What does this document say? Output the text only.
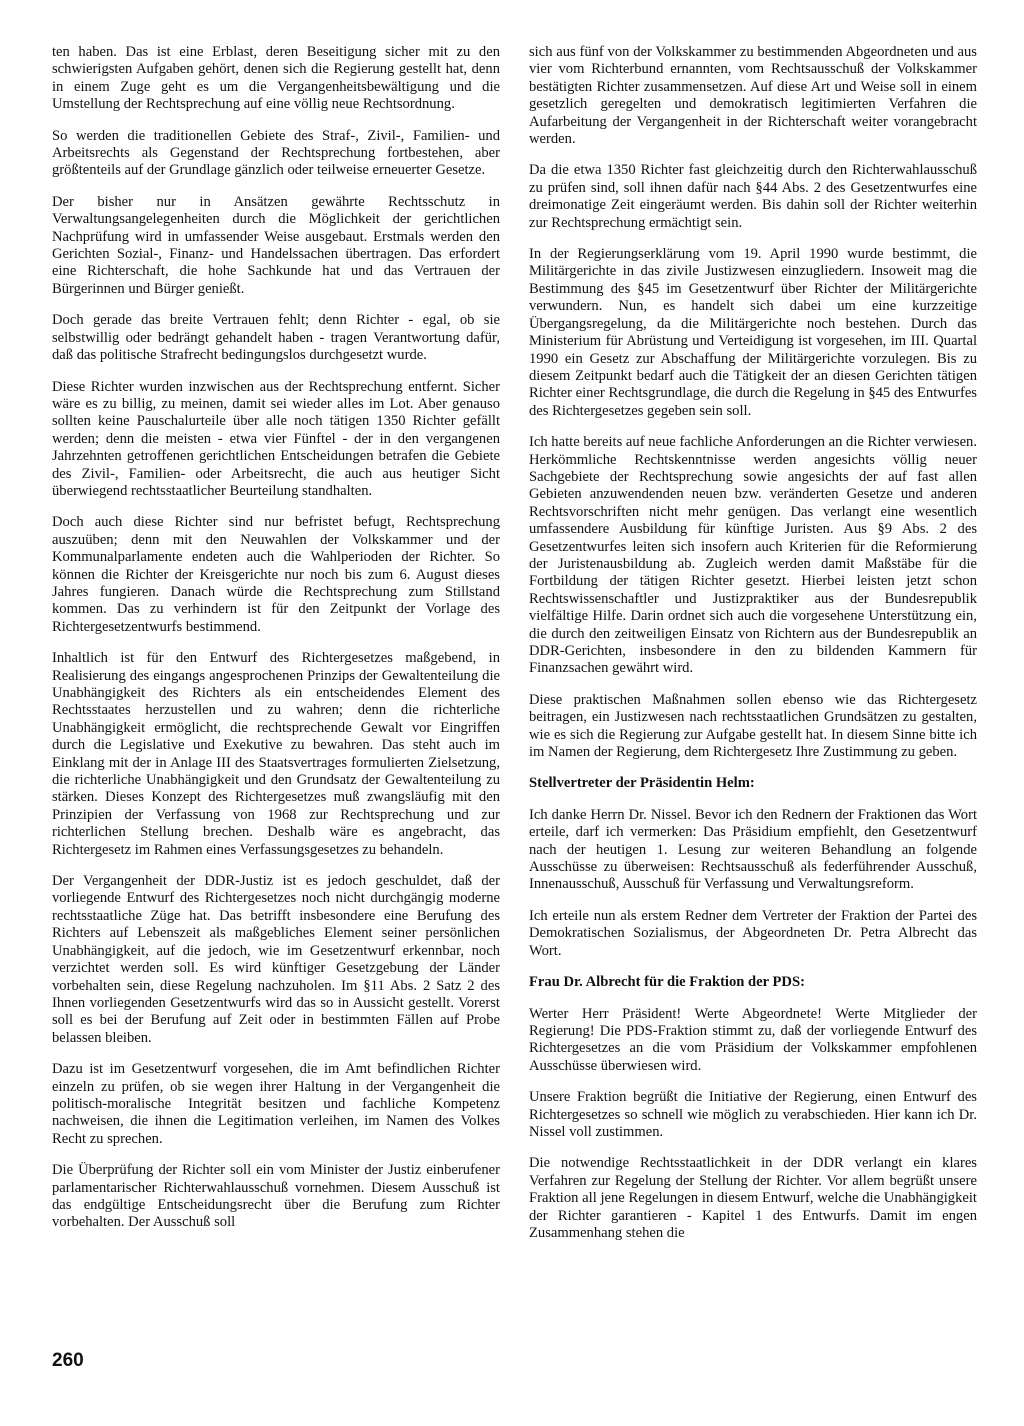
ten haben. Das ist eine Erblast, deren Beseitigung sicher mit zu den schwierigsten Aufgaben gehört, denen sich die Regierung gestellt hat, denn in einem Zuge geht es um die Vergangenheitsbewältigung und die Umstellung der Rechtsprechung auf eine völlig neue Rechtsordnung.

So werden die traditionellen Gebiete des Straf-, Zivil-, Familien- und Arbeitsrechts als Gegenstand der Rechtsprechung fortbestehen, aber größtenteils auf der Grundlage gänzlich oder teilweise erneuerter Gesetze.

Der bisher nur in Ansätzen gewährte Rechtsschutz in Verwaltungsangelegenheiten durch die Möglichkeit der gerichtlichen Nachprüfung wird in umfassender Weise ausgebaut. Erstmals werden den Gerichten Sozial-, Finanz- und Handelssachen übertragen. Das erfordert eine Richterschaft, die hohe Sachkunde hat und das Vertrauen der Bürgerinnen und Bürger genießt.

Doch gerade das breite Vertrauen fehlt; denn Richter - egal, ob sie selbstwillig oder bedrängt gehandelt haben - tragen Verantwortung dafür, daß das politische Strafrecht bedingungslos durchgesetzt wurde.

Diese Richter wurden inzwischen aus der Rechtsprechung entfernt. Sicher wäre es zu billig, zu meinen, damit sei wieder alles im Lot. Aber genauso sollten keine Pauschalurteile über alle noch tätigen 1350 Richter gefällt werden; denn die meisten - etwa vier Fünftel - der in den vergangenen Jahrzehnten getroffenen gerichtlichen Entscheidungen betrafen die Gebiete des Zivil-, Familien- oder Arbeitsrecht, die auch aus heutiger Sicht überwiegend rechtsstaatlicher Beurteilung standhalten.

Doch auch diese Richter sind nur befristet befugt, Rechtsprechung auszuüben; denn mit den Neuwahlen der Volkskammer und der Kommunalparlamente endeten auch die Wahlperioden der Richter. So können die Richter der Kreisgerichte nur noch bis zum 6. August dieses Jahres fungieren. Danach würde die Rechtsprechung zum Stillstand kommen. Das zu verhindern ist für den Zeitpunkt der Vorlage des Richtergesetzentwurfs bestimmend.

Inhaltlich ist für den Entwurf des Richtergesetzes maßgebend, in Realisierung des eingangs angesprochenen Prinzips der Gewaltenteilung die Unabhängigkeit des Richters als ein entscheidendes Element des Rechtsstaates herzustellen und zu wahren; denn die richterliche Unabhängigkeit ermöglicht, die rechtsprechende Gewalt vor Eingriffen durch die Legislative und Exekutive zu bewahren. Das steht auch im Einklang mit der in Anlage III des Staatsvertrages formulierten Zielsetzung, die richterliche Unabhängigkeit und den Grundsatz der Gewaltenteilung zu stärken. Dieses Konzept des Richtergesetzes muß zwangsläufig mit den Prinzipien der Verfassung von 1968 zur Rechtsprechung und zur richterlichen Stellung brechen. Deshalb wäre es angebracht, das Richtergesetz im Rahmen eines Verfassungsgesetzes zu behandeln.

Der Vergangenheit der DDR-Justiz ist es jedoch geschuldet, daß der vorliegende Entwurf des Richtergesetzes noch nicht durchgängig moderne rechtsstaatliche Züge hat. Das betrifft insbesondere eine Berufung des Richters auf Lebenszeit als maßgebliches Element seiner persönlichen Unabhängigkeit, auf die jedoch, wie im Gesetzentwurf erkennbar, noch verzichtet werden soll. Es wird künftiger Gesetzgebung der Länder vorbehalten sein, diese Regelung nachzuholen. Im §11 Abs. 2 Satz 2 des Ihnen vorliegenden Gesetzentwurfs wird das so in Aussicht gestellt. Vorerst soll es bei der Berufung auf Zeit oder in bestimmten Fällen auf Probe belassen bleiben.

Dazu ist im Gesetzentwurf vorgesehen, die im Amt befindlichen Richter einzeln zu prüfen, ob sie wegen ihrer Haltung in der Vergangenheit die politisch-moralische Integrität besitzen und fachliche Kompetenz nachweisen, die ihnen die Legitimation verleihen, im Namen des Volkes Recht zu sprechen.

Die Überprüfung der Richter soll ein vom Minister der Justiz einberufener parlamentarischer Richterwahlausschuß vornehmen. Diesem Ausschuß ist das endgültige Entscheidungsrecht über die Berufung zum Richter vorbehalten. Der Ausschuß soll

sich aus fünf von der Volkskammer zu bestimmenden Abgeordneten und aus vier vom Richterbund ernannten, vom Rechtsausschuß der Volkskammer bestätigten Richter zusammensetzen. Auf diese Art und Weise soll in einem gesetzlich geregelten und demokratisch legitimierten Verfahren die Aufarbeitung der Vergangenheit in der Richterschaft weiter vorangebracht werden.

Da die etwa 1350 Richter fast gleichzeitig durch den Richterwahlausschuß zu prüfen sind, soll ihnen dafür nach §44 Abs. 2 des Gesetzentwurfes eine dreimonatige Zeit eingeräumt werden. Bis dahin soll der Richter weiterhin zur Rechtsprechung ermächtigt sein.

In der Regierungserklärung vom 19. April 1990 wurde bestimmt, die Militärgerichte in das zivile Justizwesen einzugliedern. Insoweit mag die Bestimmung des §45 im Gesetzentwurf über Richter der Militärgerichte verwundern. Nun, es handelt sich dabei um eine kurzzeitige Übergangsregelung, da die Militärgerichte noch bestehen. Durch das Ministerium für Abrüstung und Verteidigung ist vorgesehen, im III. Quartal 1990 ein Gesetz zur Abschaffung der Militärgerichte vorzulegen. Bis zu diesem Zeitpunkt bedarf auch die Tätigkeit der an diesen Gerichten tätigen Richter einer Rechtsgrundlage, die durch die Regelung in §45 des Entwurfes des Richtergesetzes gegeben sein soll.

Ich hatte bereits auf neue fachliche Anforderungen an die Richter verwiesen. Herkömmliche Rechtskenntnisse werden angesichts völlig neuer Sachgebiete der Rechtsprechung sowie angesichts der auf fast allen Gebieten anzuwendenden neuen bzw. veränderten Gesetze und anderen Rechtsvorschriften nicht mehr genügen. Das verlangt eine wesentlich umfassendere Ausbildung für künftige Juristen. Aus §9 Abs. 2 des Gesetzentwurfes leiten sich insofern auch Kriterien für die Reformierung der Juristenausbildung ab. Zugleich werden damit Maßstäbe für die Fortbildung der tätigen Richter gesetzt. Hierbei leisten jetzt schon Rechtswissenschaftler und Justizpraktiker aus der Bundesrepublik vielfältige Hilfe. Darin ordnet sich auch die vorgesehene Unterstützung ein, die durch den zeitweiligen Einsatz von Richtern aus der Bundesrepublik an DDR-Gerichten, insbesondere in den zu bildenden Kammern für Finanzsachen gewährt wird.

Diese praktischen Maßnahmen sollen ebenso wie das Richtergesetz beitragen, ein Justizwesen nach rechtsstaatlichen Grundsätzen zu gestalten, wie es sich die Regierung zur Aufgabe gestellt hat. In diesem Sinne bitte ich im Namen der Regierung, dem Richtergesetz Ihre Zustimmung zu geben.

Stellvertreter der Präsidentin Helm:

Ich danke Herrn Dr. Nissel. Bevor ich den Rednern der Fraktionen das Wort erteile, darf ich vermerken: Das Präsidium empfiehlt, den Gesetzentwurf nach der heutigen 1. Lesung zur weiteren Behandlung an folgende Ausschüsse zu überweisen: Rechtsausschuß als federführender Ausschuß, Innenausschuß, Ausschuß für Verfassung und Verwaltungsreform.

Ich erteile nun als erstem Redner dem Vertreter der Fraktion der Partei des Demokratischen Sozialismus, der Abgeordneten Dr. Petra Albrecht das Wort.

Frau Dr. Albrecht für die Fraktion der PDS:

Werter Herr Präsident! Werte Abgeordnete! Werte Mitglieder der Regierung! Die PDS-Fraktion stimmt zu, daß der vorliegende Entwurf des Richtergesetzes an die vom Präsidium der Volkskammer empfohlenen Ausschüsse überwiesen wird.

Unsere Fraktion begrüßt die Initiative der Regierung, einen Entwurf des Richtergesetzes so schnell wie möglich zu verabschieden. Hier kann ich Dr. Nissel voll zustimmen.

Die notwendige Rechtsstaatlichkeit in der DDR verlangt ein klares Verfahren zur Regelung der Stellung der Richter. Vor allem begrüßt unsere Fraktion all jene Regelungen in diesem Entwurf, welche die Unabhängigkeit der Richter garantieren - Kapitel 1 des Entwurfs. Damit im engen Zusammenhang stehen die

260
